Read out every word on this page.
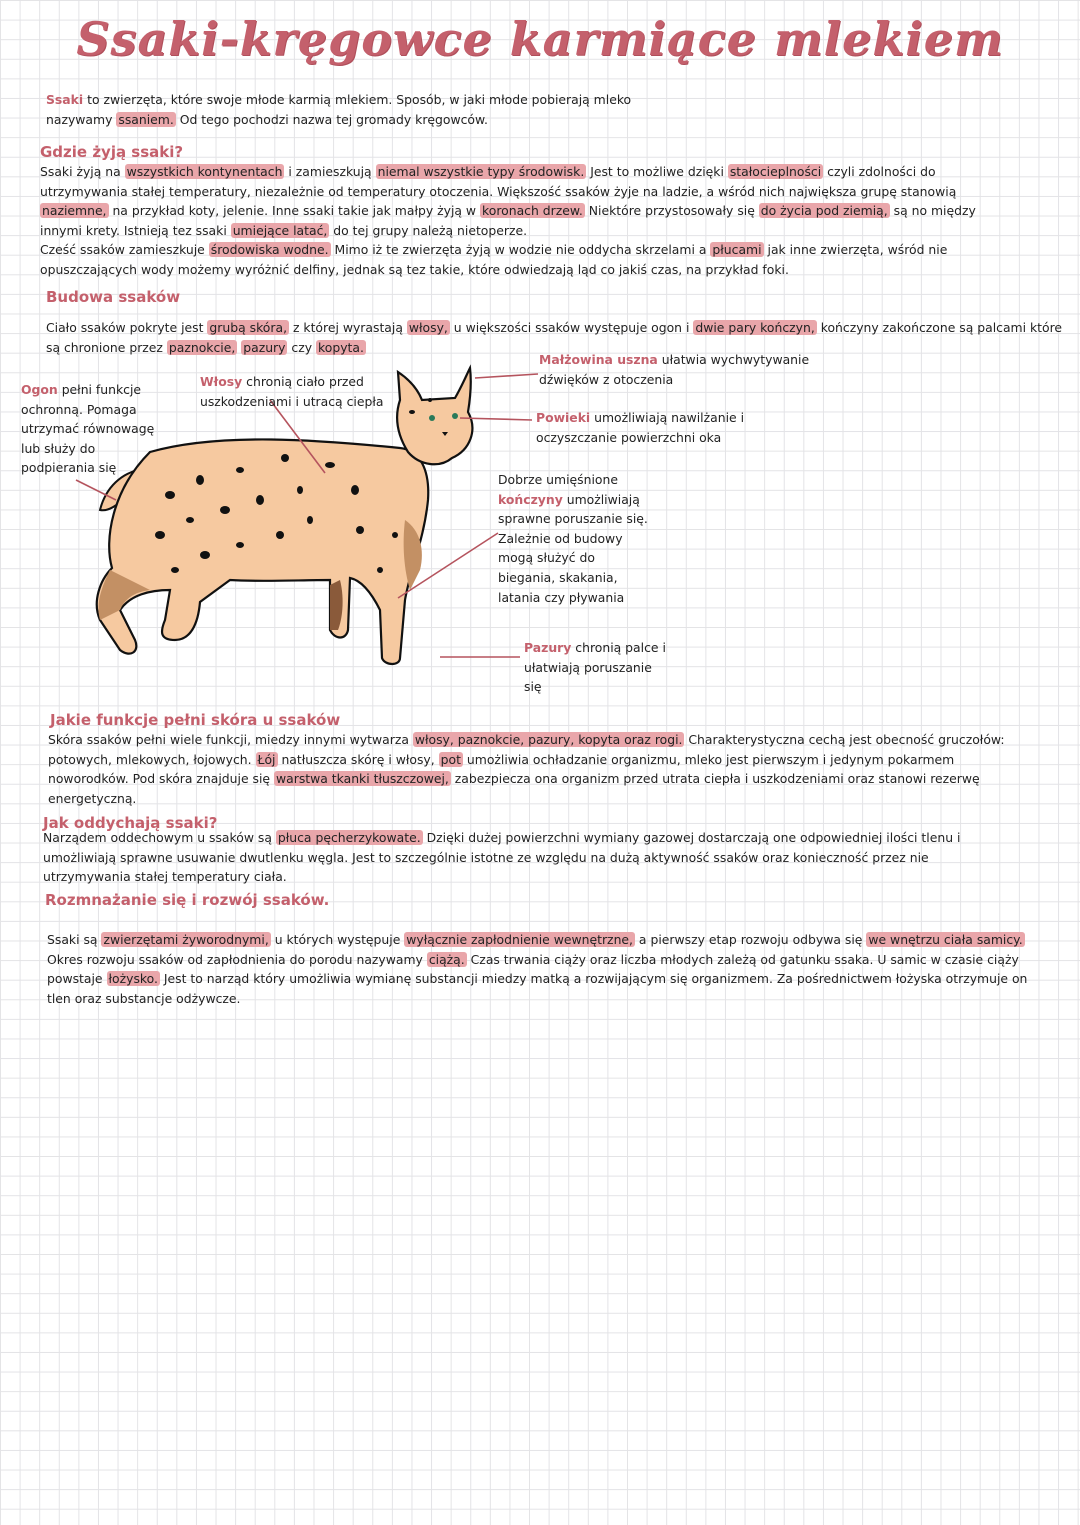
Ssaki-kręgowce karmiące mlekiem

Ssaki to zwierzęta, które swoje młode karmią mlekiem. Sposób, w jaki młode pobierają mleko
nazywamy ssaniem. Od tego pochodzi nazwa tej gromady kręgowców.

Gdzie żyją ssaki?

Ssaki żyją na wszystkich kontynentach i zamieszkują niemal wszystkie typy środowisk. Jest to możliwe dzięki stałocieplności czyli zdolności do
utrzymywania stałej temperatury, niezależnie od temperatury otoczenia. Większość ssaków żyje na ladzie, a wśród nich największa grupę stanowią
naziemne, na przykład koty, jelenie. Inne ssaki takie jak małpy żyją w koronach drzew. Niektóre przystosowały się do życia pod ziemią, są no między
innymi krety. Istnieją tez ssaki umiejące latać, do tej grupy należą nietoperze.
Cześć ssaków zamieszkuje środowiska wodne. Mimo iż te zwierzęta żyją w wodzie nie oddycha skrzelami a płucami jak inne zwierzęta, wśród nie
opuszczających wody możemy wyróżnić delfiny, jednak są tez takie, które odwiedzają ląd co jakiś czas, na przykład foki.

Budowa ssaków

Ciało ssaków pokryte jest grubą skóra, z której wyrastają włosy, u większości ssaków występuje ogon i dwie pary kończyn, kończyny zakończone są palcami które
są chronione przez paznokcie, pazury czy kopyta.

Małżowina uszna ułatwia wychwytywanie
dźwięków z otoczenia

Włosy chronią ciało przed
uszkodzeniami i utracą ciepła

Ogon pełni funkcje
ochronną. Pomaga
utrzymać równowagę
lub służy do
podpierania się

Powieki umożliwiają nawilżanie i
oczyszczanie powierzchni oka

Dobrze umięśnione
kończyny umożliwiają
sprawne poruszanie się.
Zależnie od budowy
mogą służyć do
biegania, skakania,
latania czy pływania

Pazury chronią palce i
ułatwiają poruszanie
się

Jakie funkcje pełni skóra u ssaków

Skóra ssaków pełni wiele funkcji, miedzy innymi wytwarza włosy, paznokcie, pazury, kopyta oraz rogi. Charakterystyczna cechą jest obecność gruczołów:
potowych, mlekowych, łojowych. Łój natłuszcza skórę i włosy, pot umożliwia ochładzanie organizmu, mleko jest pierwszym i jedynym pokarmem
noworodków. Pod skóra znajduje się warstwa tkanki tłuszczowej, zabezpiecza ona organizm przed utrata ciepła i uszkodzeniami oraz stanowi rezerwę
energetyczną.

Jak oddychają ssaki?

Narządem oddechowym u ssaków są płuca pęcherzykowate. Dzięki dużej powierzchni wymiany gazowej dostarczają one odpowiedniej ilości tlenu i
umożliwiają sprawne usuwanie dwutlenku węgla. Jest to szczególnie istotne ze względu na dużą aktywność ssaków oraz konieczność przez nie
utrzymywania stałej temperatury ciała.

Rozmnażanie się i rozwój ssaków.

Ssaki są zwierzętami żyworodnymi, u których występuje wyłącznie zapłodnienie wewnętrzne, a pierwszy etap rozwoju odbywa się we wnętrzu ciała samicy.
Okres rozwoju ssaków od zapłodnienia do porodu nazywamy ciążą. Czas trwania ciąży oraz liczba młodych zależą od gatunku ssaka. U samic w czasie ciąży
powstaje łożysko. Jest to narząd który umożliwia wymianę substancji miedzy matką a rozwijającym się organizmem. Za pośrednictwem łożyska otrzymuje on
tlen oraz substancje odżywcze.
